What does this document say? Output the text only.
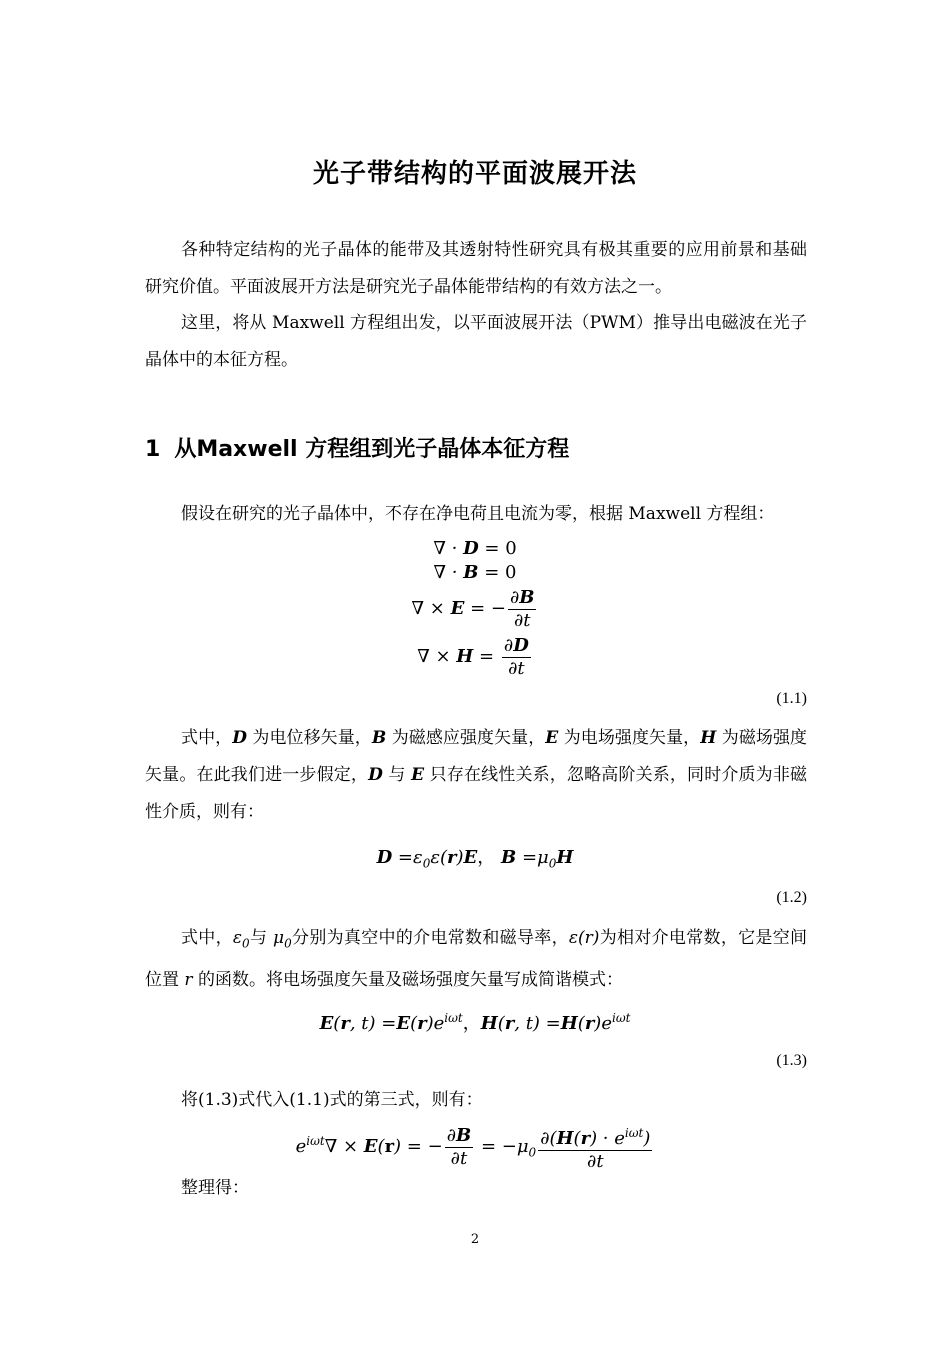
光子带结构的平面波展开法
各种特定结构的光子晶体的能带及其透射特性研究具有极其重要的应用前景和基础研究价值。平面波展开方法是研究光子晶体能带结构的有效方法之一。
这里，将从 Maxwell 方程组出发，以平面波展开法（PWM）推导出电磁波在光子晶体中的本征方程。
1 从Maxwell 方程组到光子晶体本征方程
假设在研究的光子晶体中，不存在净电荷且电流为零，根据 Maxwell 方程组：
∇ · D = 0
∇ · B = 0
∇ × E = − $\frac{\partial B}{\partial t}$
∇ × $H = \frac{\partial D}{\partial t}$
(1.1)
式中，D 为电位移矢量，B 为磁感应强度矢量，E 为电场强度矢量，H 为磁场强度矢量。在此我们进一步假定，D 与 E 只存在线性关系，忽略高阶关系，同时介质为非磁性介质，则有：
$D =\varepsilon_0\varepsilon(r)E$， $B =\mu_0H$
(1.2)
式中，$\varepsilon_0$与 $\mu_0$分别为真空中的介电常数和磁导率，ε(r)为相对介电常数，它是空间位置 r 的函数。将电场强度矢量及磁场强度矢量写成简谐模式：
E(r, $t) =E(r)e^{i\omega t}$，H(r, $t) =H(r)e^{i\omega t}$
(1.3)
将(1.3)式代入(1.1)式的第三式，则有：
$e^{i\omega t}\nabla \times E(r)$ = − $\frac{\partial B}{\partial t} = -\mu_0 \frac{\partial(H(r) \cdot e^{i\omega t})}{\partial t}$
整理得：
2
